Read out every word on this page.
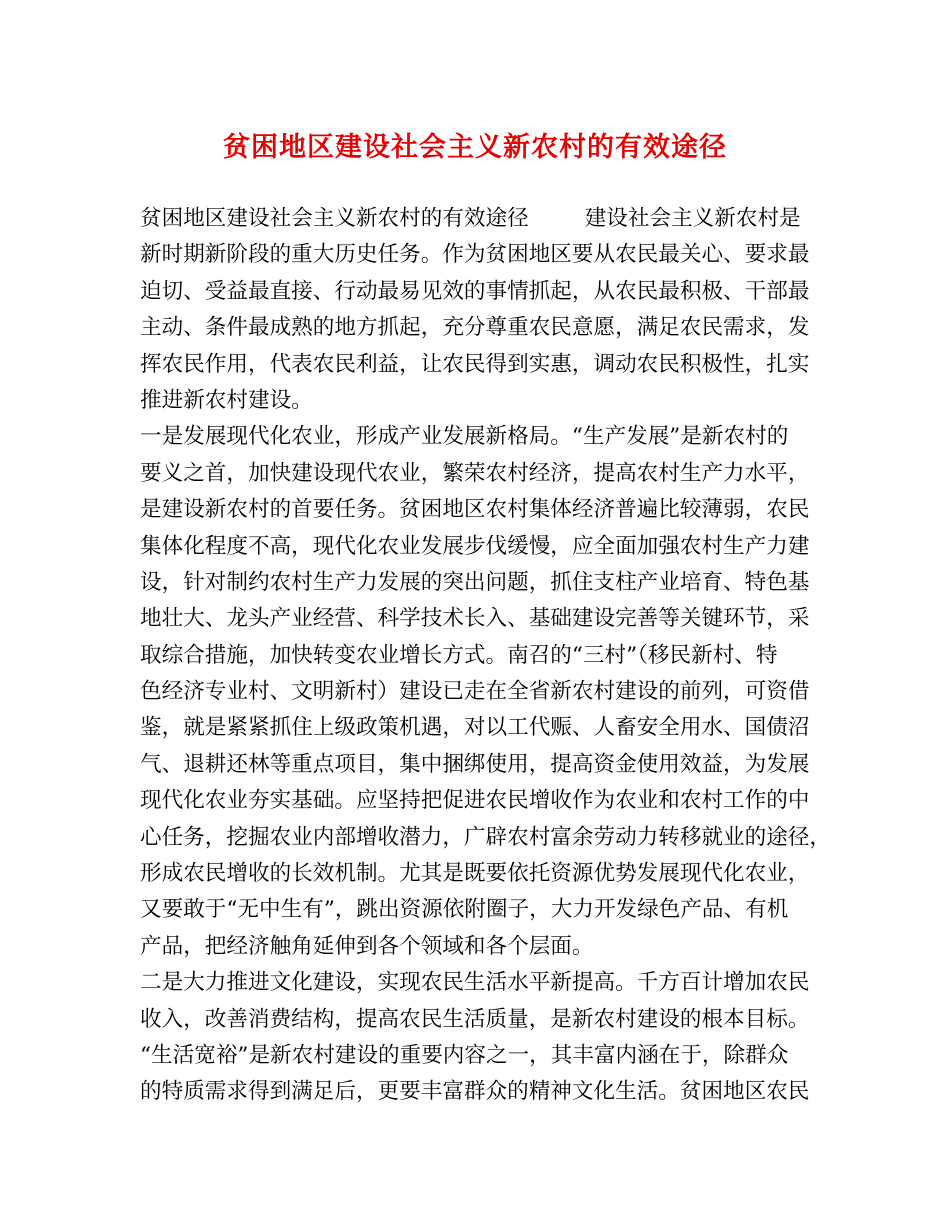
贫困地区建设社会主义新农村的有效途径
贫困地区建设社会主义新农村的有效途径	建设社会主义新农村是
新时期新阶段的重大历史任务。作为贫困地区要从农民最关心、要求最
迫切、受益最直接、行动最易见效的事情抓起，从农民最积极、干部最
主动、条件最成熟的地方抓起，充分尊重农民意愿，满足农民需求，发
挥农民作用，代表农民利益，让农民得到实惠，调动农民积极性，扎实
推进新农村建设。
一是发展现代化农业，形成产业发展新格局。“生产发展”是新农村的
要义之首，加快建设现代农业，繁荣农村经济，提高农村生产力水平，
是建设新农村的首要任务。贫困地区农村集体经济普遍比较薄弱，农民
集体化程度不高，现代化农业发展步伐缓慢，应全面加强农村生产力建
设，针对制约农村生产力发展的突出问题，抓住支柱产业培育、特色基
地壮大、龙头产业经营、科学技术长入、基础建设完善等关键环节，采
取综合措施，加快转变农业增长方式。南召的“三村”（移民新村、特
色经济专业村、文明新村）建设已走在全省新农村建设的前列，可资借
鉴，就是紧紧抓住上级政策机遇，对以工代赈、人畜安全用水、国债沼
气、退耕还林等重点项目，集中捆绑使用，提高资金使用效益，为发展
现代化农业夯实基础。应坚持把促进农民增收作为农业和农村工作的中
心任务，挖掘农业内部增收潜力，广辟农村富余劳动力转移就业的途径，
形成农民增收的长效机制。尤其是既要依托资源优势发展现代化农业，
又要敢于“无中生有”，跳出资源依附圈子，大力开发绿色产品、有机
产品，把经济触角延伸到各个领域和各个层面。
二是大力推进文化建设，实现农民生活水平新提高。千方百计增加农民
收入，改善消费结构，提高农民生活质量，是新农村建设的根本目标。
“生活宽裕”是新农村建设的重要内容之一，其丰富内涵在于，除群众
的特质需求得到满足后，更要丰富群众的精神文化生活。贫困地区农民
